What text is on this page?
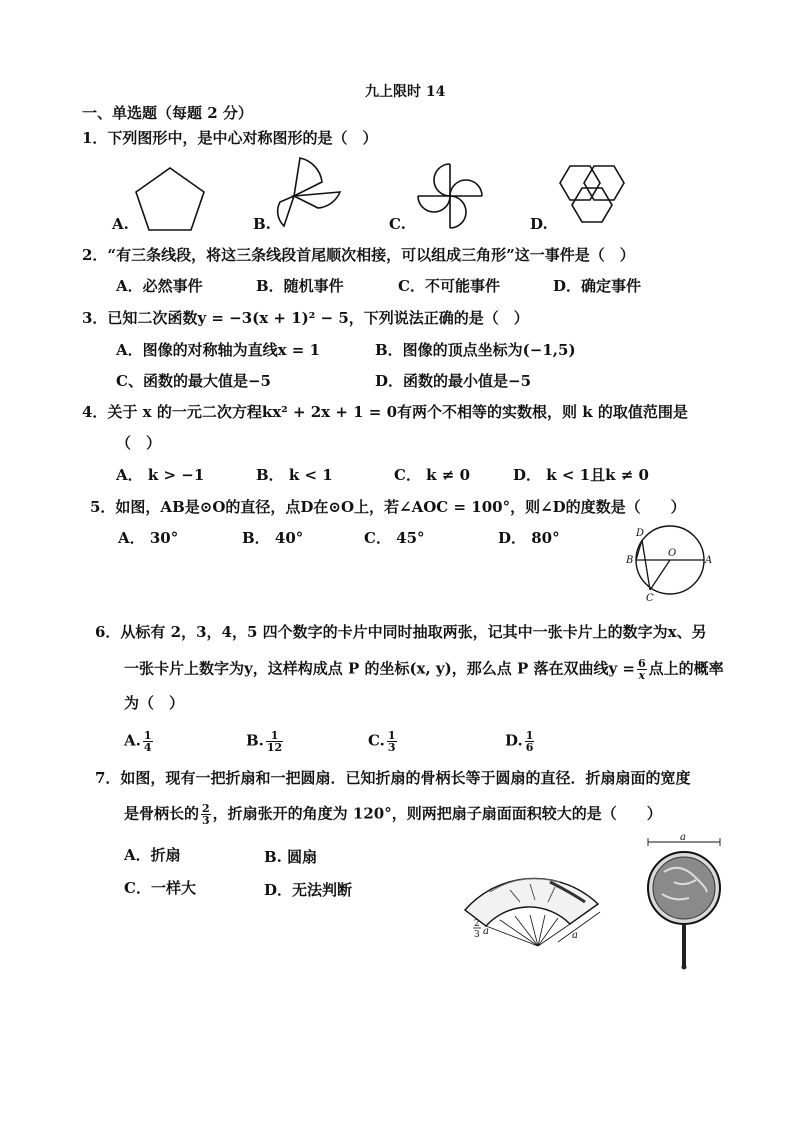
九上限时 14
一、单选题（每题 2 分）
1．下列图形中，是中心对称图形的是（　）
A.	B.	C.	D.
2．“有三条线段，将这三条线段首尾顺次相接，可以组成三角形”这一事件是（　）
A．必然事件	B．随机事件	C．不可能事件	D．确定事件
3．已知二次函数y = −3(x + 1)² − 5，下列说法正确的是（　）
A．图像的对称轴为直线x = 1	B．图像的顶点坐标为(−1,5)
C、函数的最大值是−5	D．函数的最小值是−5
4．关于 x 的一元二次方程kx² + 2x + 1 = 0有两个不相等的实数根，则 k 的取值范围是
（　）
A． k > −1	B． k < 1	C． k ≠ 0	D． k < 1且k ≠ 0
5．如图，AB是⊙O的直径，点D在⊙O上，若∠AOC = 100°，则∠D的度数是（　　）
A． 30°	B． 40°	C． 45°	D． 80°	D
B
O
A
C
6．从标有 2，3，4，5 四个数字的卡片中同时抽取两张，记其中一张卡片上的数字为x、另
一张卡片上数字为y，这样构成点 P 的坐标(x, y)，那么点 P 落在双曲线$y = \frac{6}{x}$ 点上的概率
为（　）
A. $\frac{1}{4}$	B. $\frac{1}{12}$	C. $\frac{1}{3}$	D. $\frac{1}{6}$
7．如图，现有一把折扇和一把圆扇．已知折扇的骨柄长等于圆扇的直径．折扇扇面的宽度
是骨柄长的 $\frac{2}{3}$ ，折扇张开的角度为 120°，则两把扇子扇面面积较大的是（　　）
A．折扇	B. 圆扇
C．一样大	D．无法判断
a
2
3 a
a
